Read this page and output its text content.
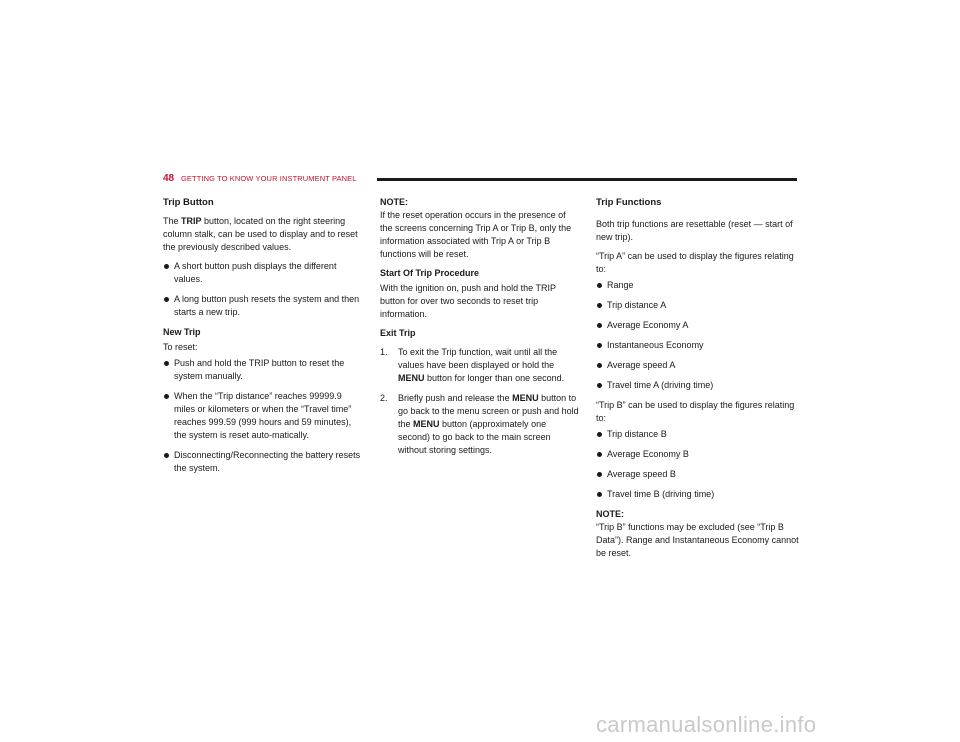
48 GETTING TO KNOW YOUR INSTRUMENT PANEL
Trip Button

The TRIP button, located on the right steering column stalk, can be used to display and to reset the previously described values.

A short button push displays the different values.
A long button push resets the system and then starts a new trip.
New Trip

To reset:

Push and hold the TRIP button to reset the system manually.
When the “Trip distance” reaches 99999.9 miles or kilometers or when the “Travel time” reaches 999.59 (999 hours and 59 minutes), the system is reset auto-matically.
Disconnecting/Reconnecting the battery resets the system.

NOTE:
If the reset operation occurs in the presence of the screens concerning Trip A or Trip B, only the information associated with Trip A or Trip B functions will be reset.

Start Of Trip Procedure

With the ignition on, push and hold the TRIP button for over two seconds to reset trip information.

Exit Trip
1. To exit the Trip function, wait until all the values have been displayed or hold the MENU button for longer than one second.
2. Briefly push and release the MENU button to go back to the menu screen or push and hold the MENU button (approximately one second) to go back to the main screen without storing settings.
Trip Functions

Both trip functions are resettable (reset — start of new trip).

“Trip A” can be used to display the figures relating to:

Range
Trip distance A
Average Economy A
Instantaneous Economy
Average speed A
Travel time A (driving time)

“Trip B” can be used to display the figures relating to:

Trip distance B
Average Economy B
Average speed B
Travel time B (driving time)

NOTE:
“Trip B” functions may be excluded (see “Trip B Data”). Range and Instantaneous Economy cannot be reset.

carmanualsonline.info
